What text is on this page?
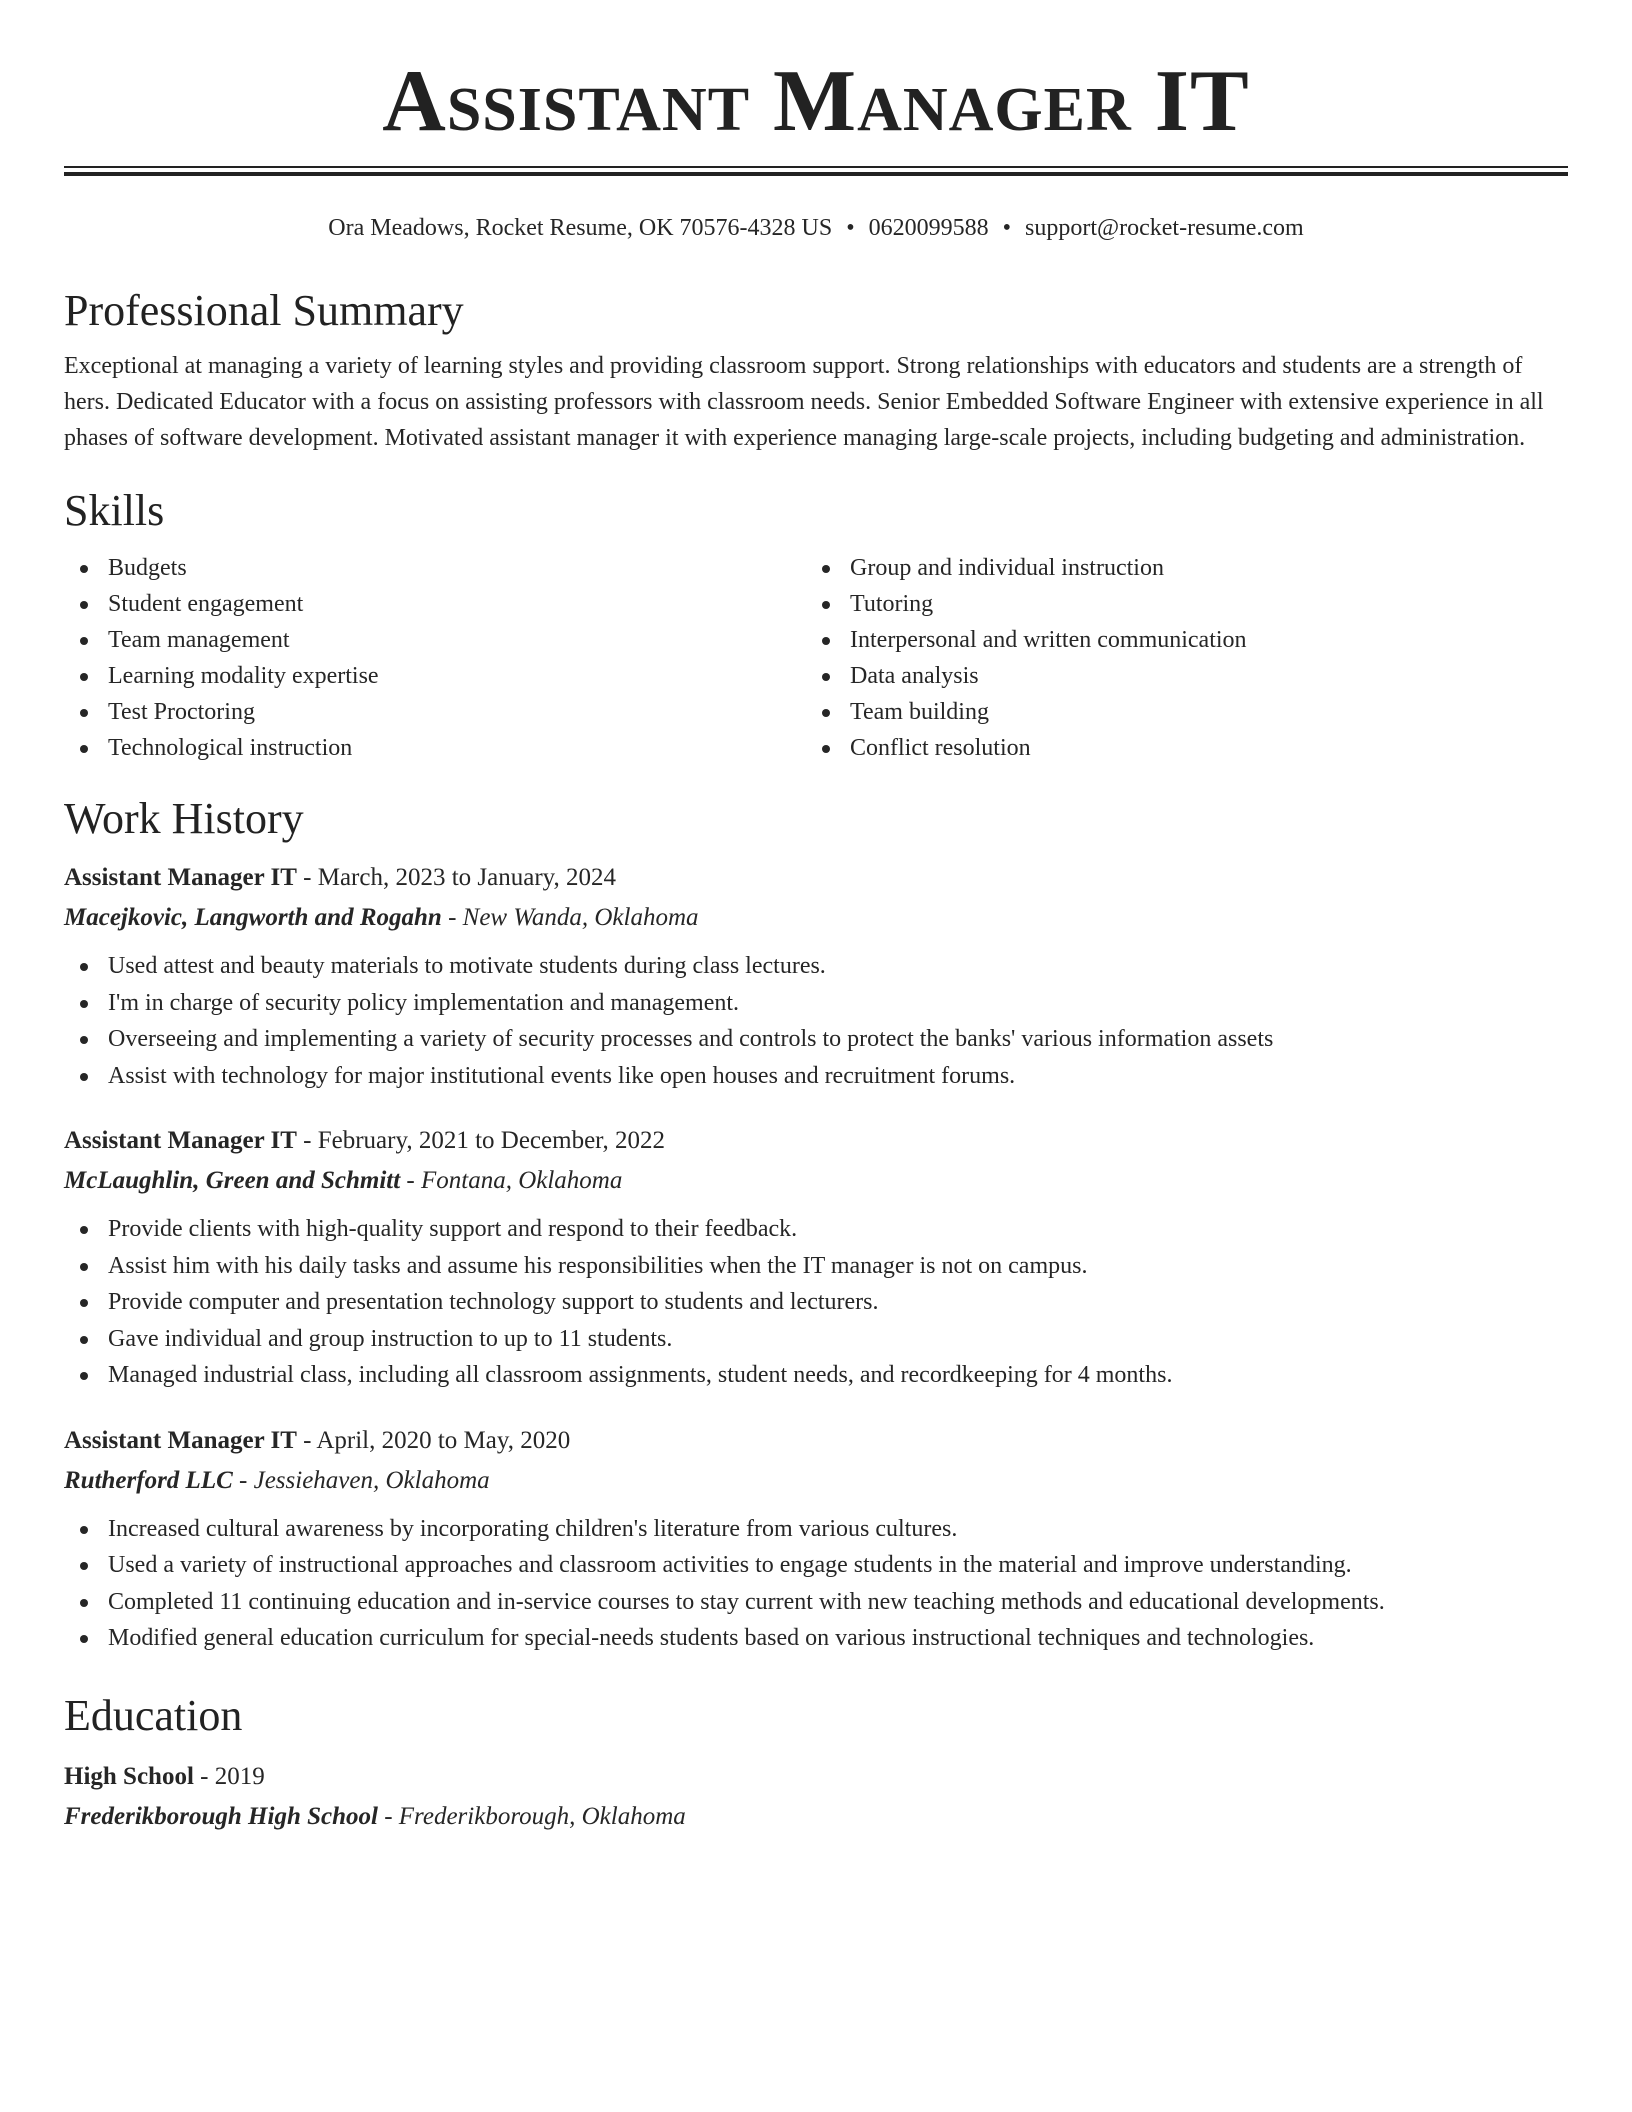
Assistant Manager IT
Ora Meadows, Rocket Resume, OK 70576-4328 US • 0620099588 • support@rocket-resume.com
Professional Summary

Exceptional at managing a variety of learning styles and providing classroom support. Strong relationships with educators and students are a strength of hers. Dedicated Educator with a focus on assisting professors with classroom needs. Senior Embedded Software Engineer with extensive experience in all phases of software development. Motivated assistant manager it with experience managing large-scale projects, including budgeting and administration.

Skills
Budgets
Student engagement
Team management
Learning modality expertise
Test Proctoring
Technological instruction
Group and individual instruction
Tutoring
Interpersonal and written communication
Data analysis
Team building
Conflict resolution
Work History
Assistant Manager IT - March, 2023 to January, 2024
Macejkovic, Langworth and Rogahn - New Wanda, Oklahoma
Used attest and beauty materials to motivate students during class lectures.
I'm in charge of security policy implementation and management.
Overseeing and implementing a variety of security processes and controls to protect the banks' various information assets
Assist with technology for major institutional events like open houses and recruitment forums.
Assistant Manager IT - February, 2021 to December, 2022
McLaughlin, Green and Schmitt - Fontana, Oklahoma
Provide clients with high-quality support and respond to their feedback.
Assist him with his daily tasks and assume his responsibilities when the IT manager is not on campus.
Provide computer and presentation technology support to students and lecturers.
Gave individual and group instruction to up to 11 students.
Managed industrial class, including all classroom assignments, student needs, and recordkeeping for 4 months.
Assistant Manager IT - April, 2020 to May, 2020
Rutherford LLC - Jessiehaven, Oklahoma
Increased cultural awareness by incorporating children's literature from various cultures.
Used a variety of instructional approaches and classroom activities to engage students in the material and improve understanding.
Completed 11 continuing education and in-service courses to stay current with new teaching methods and educational developments.
Modified general education curriculum for special-needs students based on various instructional techniques and technologies.
Education
High School - 2019
Frederikborough High School - Frederikborough, Oklahoma
